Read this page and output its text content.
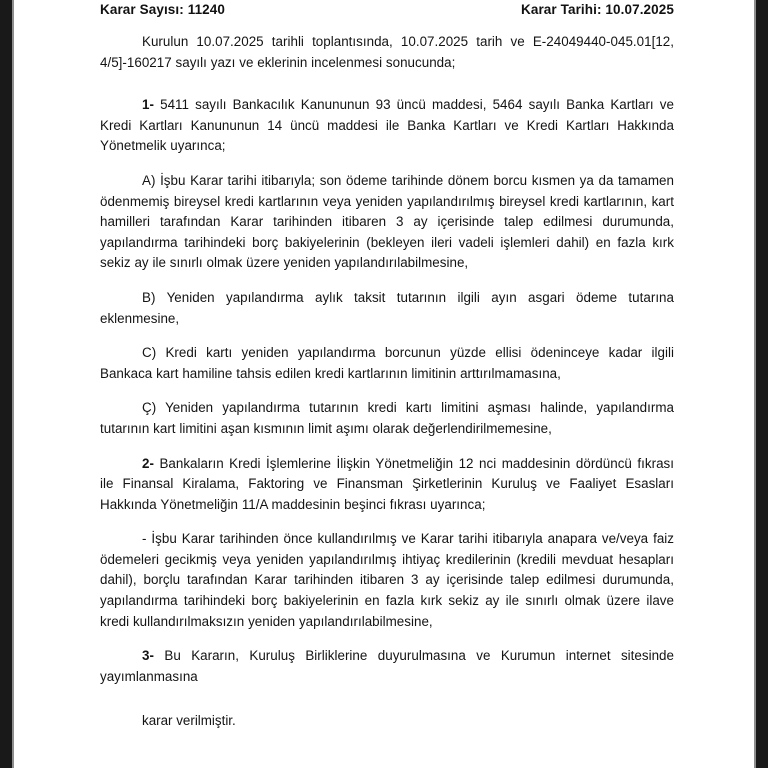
Karar Sayısı: 11240	Karar Tarihi: 10.07.2025

Kurulun 10.07.2025 tarihli toplantısında, 10.07.2025 tarih ve E-24049440-045.01[12, 4/5]-160217 sayılı yazı ve eklerinin incelenmesi sonucunda;

1- 5411 sayılı Bankacılık Kanununun 93 üncü maddesi, 5464 sayılı Banka Kartları ve Kredi Kartları Kanununun 14 üncü maddesi ile Banka Kartları ve Kredi Kartları Hakkında Yönetmelik uyarınca;

A) İşbu Karar tarihi itibarıyla; son ödeme tarihinde dönem borcu kısmen ya da tamamen ödenmemiş bireysel kredi kartlarının veya yeniden yapılandırılmış bireysel kredi kartlarının, kart hamilleri tarafından Karar tarihinden itibaren 3 ay içerisinde talep edilmesi durumunda, yapılandırma tarihindeki borç bakiyelerinin (bekleyen ileri vadeli işlemleri dahil) en fazla kırk sekiz ay ile sınırlı olmak üzere yeniden yapılandırılabilmesine,

B) Yeniden yapılandırma aylık taksit tutarının ilgili ayın asgari ödeme tutarına eklenmesine,

C) Kredi kartı yeniden yapılandırma borcunun yüzde ellisi ödeninceye kadar ilgili Bankaca kart hamiline tahsis edilen kredi kartlarının limitinin arttırılmamasına,

Ç) Yeniden yapılandırma tutarının kredi kartı limitini aşması halinde, yapılandırma tutarının kart limitini aşan kısmının limit aşımı olarak değerlendirilmemesine,

2- Bankaların Kredi İşlemlerine İlişkin Yönetmeliğin 12 nci maddesinin dördüncü fıkrası ile Finansal Kiralama, Faktoring ve Finansman Şirketlerinin Kuruluş ve Faaliyet Esasları Hakkında Yönetmeliğin 11/A maddesinin beşinci fıkrası uyarınca;

- İşbu Karar tarihinden önce kullandırılmış ve Karar tarihi itibarıyla anapara ve/veya faiz ödemeleri gecikmiş veya yeniden yapılandırılmış ihtiyaç kredilerinin (kredili mevduat hesapları dahil), borçlu tarafından Karar tarihinden itibaren 3 ay içerisinde talep edilmesi durumunda, yapılandırma tarihindeki borç bakiyelerinin en fazla kırk sekiz ay ile sınırlı olmak üzere ilave kredi kullandırılmaksızın yeniden yapılandırılabilmesine,

3- Bu Kararın, Kuruluş Birliklerine duyurulmasına ve Kurumun internet sitesinde yayımlanmasına

karar verilmiştir.
